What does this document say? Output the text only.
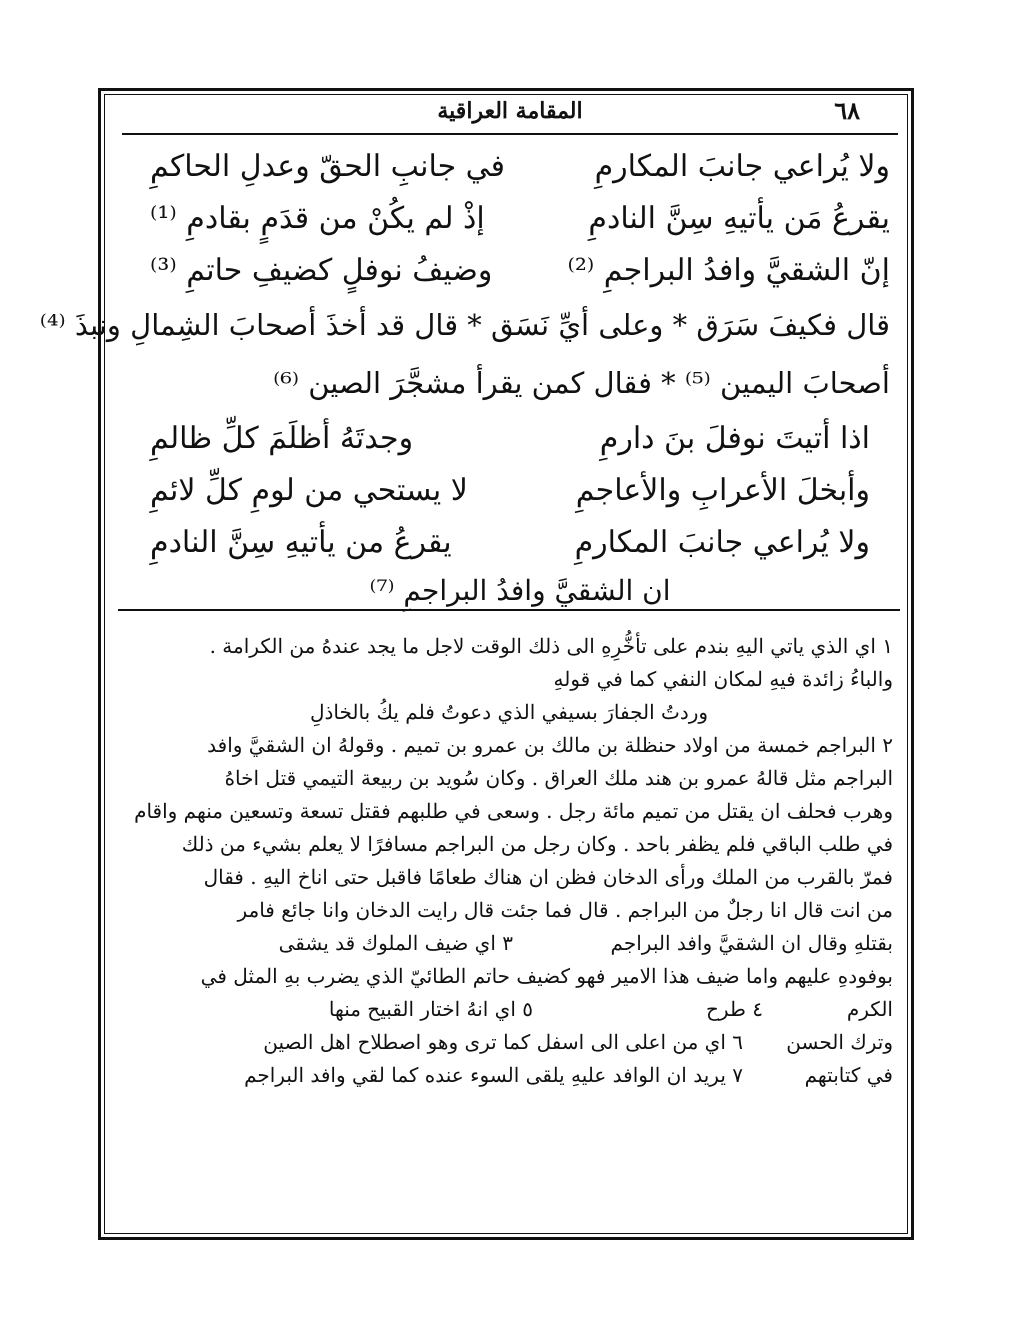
٦٨
المقامة العراقية
ولا يُراعي جانبَ المكارمِ
في جانبِ الحقّ وعدلِ الحاكمِ
يقرعُ مَن يأتيهِ سِنَّ النادمِ
إذْ لم يكُنْ من قدَمٍ بقادمِ ⁽¹⁾
إنّ الشقيَّ وافدُ البراجمِ ⁽²⁾
وضيفُ نوفلٍ كضيفِ حاتمِ ⁽³⁾
قال فكيفَ سَرَق * وعلى أيِّ نَسَق * قال قد أخذَ أصحابَ الشِمالِ ونبذَ ⁽⁴⁾
أصحابَ اليمين ⁽⁵⁾ * فقال كمن يقرأ مشجَّرَ الصين ⁽⁶⁾
اذا أتيتَ نوفلَ بنَ دارمِ
وجدتَهُ أظلَمَ كلِّ ظالمِ
وأبخلَ الأعرابِ والأعاجمِ
لا يستحي من لومِ كلِّ لائمِ
ولا يُراعي جانبَ المكارمِ
يقرعُ من يأتيهِ سِنَّ النادمِ
ان الشقيَّ وافدُ البراجمِ ⁽⁷⁾
١ اي الذي ياتي اليهِ بندم على تأخُّرِهِ الى ذلك الوقت لاجل ما يجد عندهُ من الكرامة .
والباءُ زائدة فيهِ لمكان النفي كما في قولهِ
وردتُ الجفارَ بسيفي الذي دعوتُ فلم يكُ بالخاذلِ
٢ البراجم خمسة من اولاد حنظلة بن مالك بن عمرو بن تميم . وقولهُ ان الشقيَّ وافد
البراجم مثل قالهُ عمرو بن هند ملك العراق . وكان سُويد بن ربيعة التيمي قتل اخاهُ
وهرب فحلف ان يقتل من تميم مائة رجل . وسعى في طلبهم فقتل تسعة وتسعين منهم واقام
في طلب الباقي فلم يظفر باحد . وكان رجل من البراجم مسافرًا لا يعلم بشيء من ذلك
فمرّ بالقرب من الملك ورأى الدخان فظن ان هناك طعامًا فاقبل حتى اناخ اليهِ . فقال
من انت قال انا رجلٌ من البراجم . قال فما جئت قال رايت الدخان وانا جائع فامر
بقتلهِ وقال ان الشقيَّ وافد البراجم
٣ اي ضيف الملوك قد يشقى
بوفودهِ عليهم واما ضيف هذا الامير فهو كضيف حاتم الطائيّ الذي يضرب بهِ المثل في
الكرم
٤ طرح
٥ اي انهُ اختار القبيح منها
وترك الحسن
٦ اي من اعلى الى اسفل كما ترى وهو اصطلاح اهل الصين
في كتابتهم
٧ يريد ان الوافد عليهِ يلقى السوء عنده كما لقي وافد البراجم
